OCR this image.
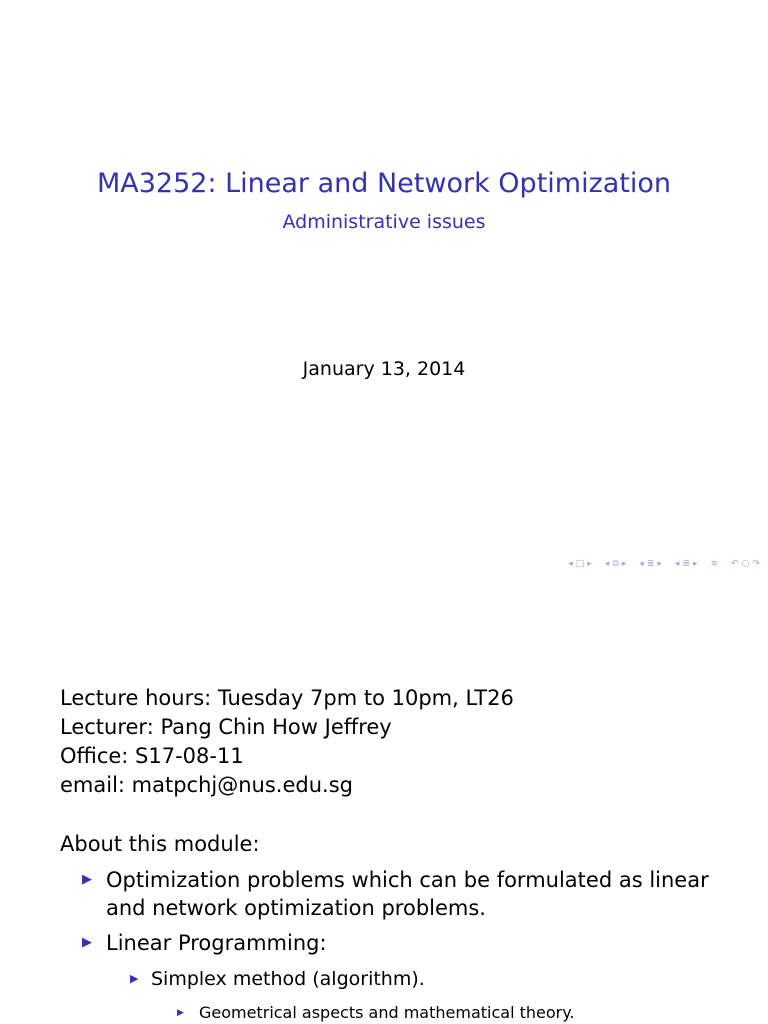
MA3252: Linear and Network Optimization
Administrative issues
January 13, 2014
◂ □ ▸ ◂ ⧉ ▸ ◂ ≣ ▸ ◂ ≣ ▸ ≡ ↶ ○ ↷
Lecture hours: Tuesday 7pm to 10pm, LT26
Lecturer: Pang Chin How Jeffrey
Office: S17-08-11
email: matpchj@nus.edu.sg
About this module:
▶ Optimization problems which can be formulated as linear and network optimization problems.
▶ Linear Programming:
▶ Simplex method (algorithm).
▶ Geometrical aspects and mathematical theory.
